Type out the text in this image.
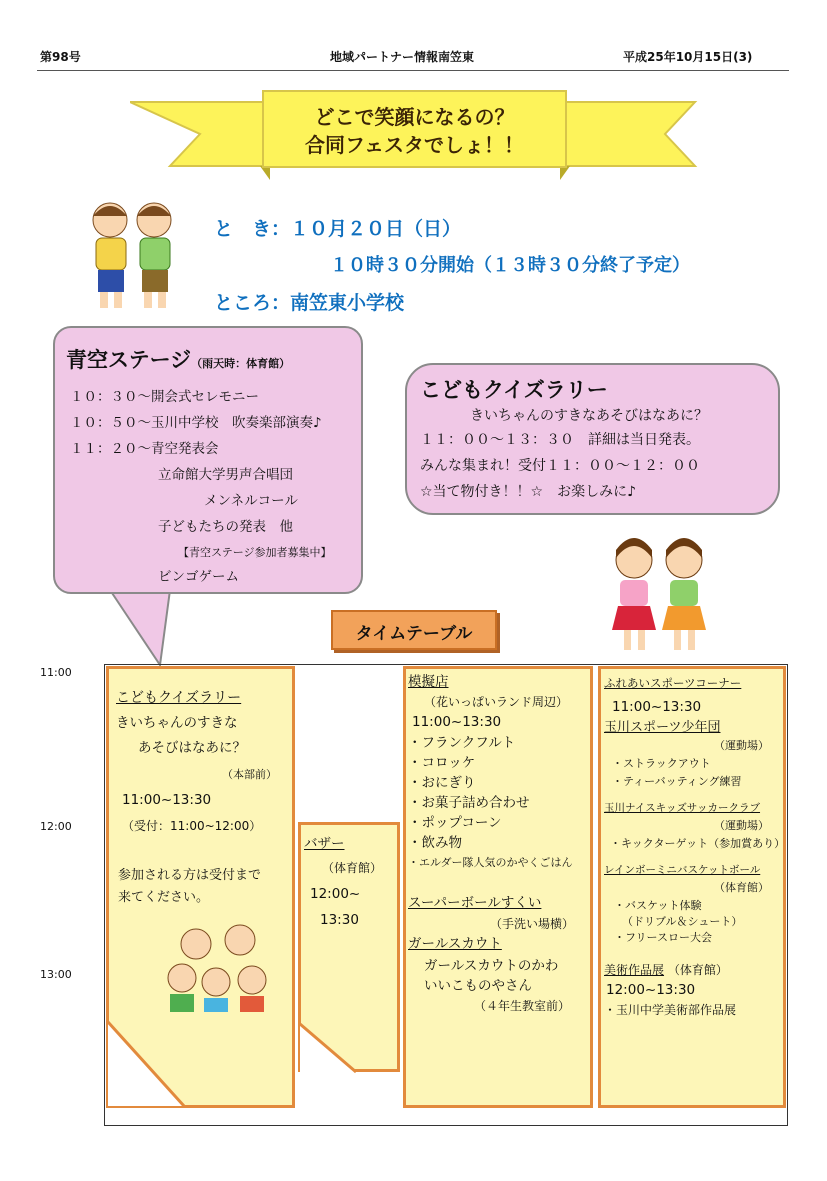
第98号	地域パートナー情報南笠東	平成25年10月15日(3)
どこで笑顔になるの？
合同フェスタでしょ！！
と　き：１０月２０日（日）
１０時３０分開始（１３時３０分終了予定）
ところ：南笠東小学校
青空ステージ（雨天時：体育館）
１０：３０～開会式セレモニー
１０：５０～玉川中学校　吹奏楽部演奏♪
１１：２０～青空発表会
立命館大学男声合唱団
メンネルコール
子どもたちの発表　他
【青空ステージ参加者募集中】
ビンゴゲーム
こどもクイズラリー
きいちゃんのすきなあそびはなあに？
１１：００～１３：３０　詳細は当日発表。
みんな集まれ！受付１１：００～１２：００
☆当て物付き！！☆　お楽しみに♪
タイムテーブル
11:00
12:00
13:00
こどもクイズラリー
きいちゃんのすきな
あそびはなあに？
（本部前）
11:00~13:30
（受付：11:00~12:00）
参加される方は受付まで
来てください。
バザー
（体育館）
12:00~
13:30
模擬店
（花いっぱいランド周辺）
11:00~13:30
・フランクフルト
・コロッケ
・おにぎり
・お菓子詰め合わせ
・ポップコーン
・飲み物
・エルダー隊人気のかやくごはん
スーパーボールすくい
（手洗い場横）
ガールスカウト
ガールスカウトのかわ
いいこものやさん
（４年生教室前）
ふれあいスポーツコーナー
11:00~13:30
玉川スポーツ少年団
（運動場）
・ストラックアウト
・ティーバッティング練習
玉川ナイスキッズサッカークラブ
（運動場）
・キックターゲット（参加賞あり）
レインボーミニバスケットボール
（体育館）
・バスケット体験
（ドリブル＆シュート）
・フリースロー大会
美術作品展 （体育館）
12:00~13:30
・玉川中学美術部作品展
